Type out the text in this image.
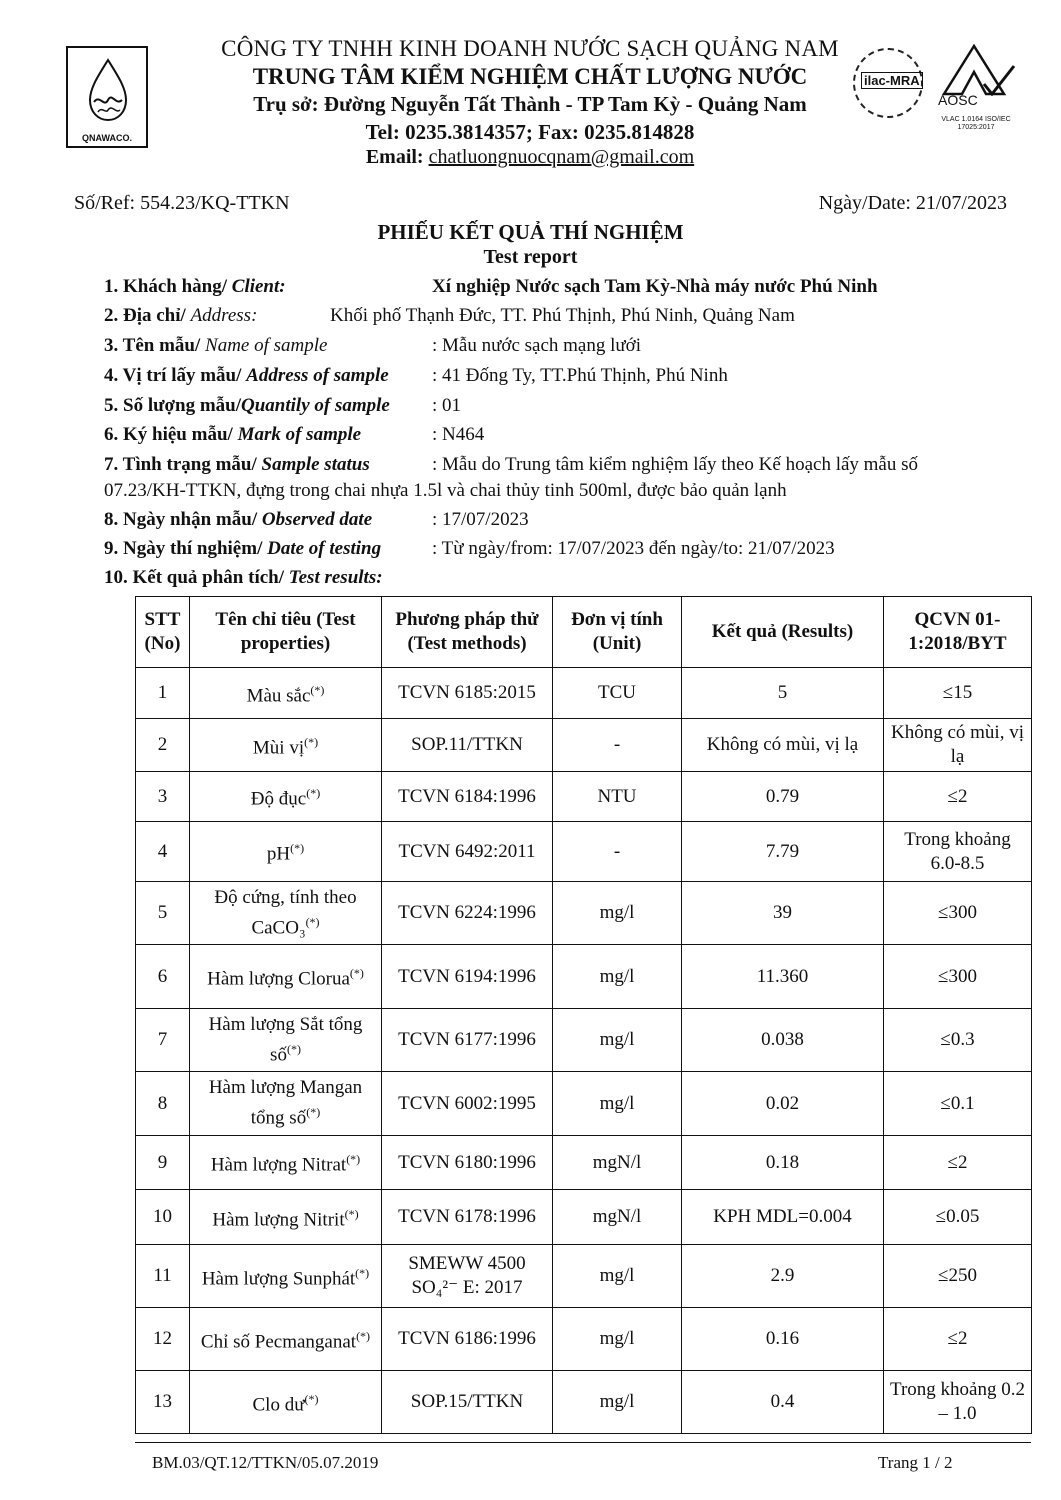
QNAWACO.
CÔNG TY TNHH KINH DOANH NƯỚC SẠCH QUẢNG NAM
TRUNG TÂM KIỂM NGHIỆM CHẤT LƯỢNG NƯỚC
Trụ sở: Đường Nguyễn Tất Thành - TP Tam Kỳ - Quảng Nam
Tel: 0235.3814357; Fax: 0235.814828
Email: chatluongnuocqnam@gmail.com
ilac-MRA
AOSC
VLAC 1.0164 ISO/IEC 17025:2017
Số/Ref: 554.23/KQ-TTKN	Ngày/Date: 21/07/2023
PHIẾU KẾT QUẢ THÍ NGHIỆM
Test report
1. Khách hàng/ Client:	Xí nghiệp Nước sạch Tam Kỳ-Nhà máy nước Phú Ninh
2. Địa chỉ/ Address:	Khối phố Thạnh Đức, TT. Phú Thịnh, Phú Ninh, Quảng Nam
3. Tên mẫu/ Name of sample	: Mẫu nước sạch mạng lưới
4. Vị trí lấy mẫu/ Address of sample : 41 Đống Ty, TT.Phú Thịnh, Phú Ninh
5. Số lượng mẫu/Quantily of sample : 01
6. Ký hiệu mẫu/ Mark of sample	: N464
7. Tình trạng mẫu/ Sample status	: Mẫu do Trung tâm kiểm nghiệm lấy theo Kế hoạch lấy mẫu số
07.23/KH-TTKN, đựng trong chai nhựa 1.5l và chai thủy tinh 500ml, được bảo quản lạnh
8. Ngày nhận mẫu/ Observed date	: 17/07/2023
9. Ngày thí nghiệm/ Date of testing	: Từ ngày/from: 17/07/2023 đến ngày/to: 21/07/2023
10. Kết quả phân tích/ Test results:
STT (No)	Tên chỉ tiêu (Test properties)	Phương pháp thử (Test methods)	Đơn vị tính (Unit)	Kết quả (Results)	QCVN 01-1:2018/BYT
1	Màu sắc(*)	TCVN 6185:2015	TCU	5	≤15
2	Mùi vị(*)	SOP.11/TTKN	-	Không có mùi, vị lạ	Không có mùi, vị lạ
3	Độ đục(*)	TCVN 6184:1996	NTU	0.79	≤2
4	pH(*)	TCVN 6492:2011	-	7.79	Trong khoảng 6.0-8.5
5	Độ cứng, tính theo CaCO₃(*)	TCVN 6224:1996	mg/l	39	≤300
6	Hàm lượng Clorua(*)	TCVN 6194:1996	mg/l	11.360	≤300
7	Hàm lượng Sắt tổng số(*)	TCVN 6177:1996	mg/l	0.038	≤0.3
8	Hàm lượng Mangan tổng số(*)	TCVN 6002:1995	mg/l	0.02	≤0.1
9	Hàm lượng Nitrat(*)	TCVN 6180:1996	mgN/l	0.18	≤2
10	Hàm lượng Nitrit(*)	TCVN 6178:1996	mgN/l	KPH MDL=0.004	≤0.05
11	Hàm lượng Sunphát(*)	SMEWW 4500 SO₄²⁻ E: 2017	mg/l	2.9	≤250
12	Chỉ số Pecmanganat(*)	TCVN 6186:1996	mg/l	0.16	≤2
13	Clo dư(*)	SOP.15/TTKN	mg/l	0.4	Trong khoảng 0.2 – 1.0
BM.03/QT.12/TTKN/05.07.2019	Trang 1 / 2
